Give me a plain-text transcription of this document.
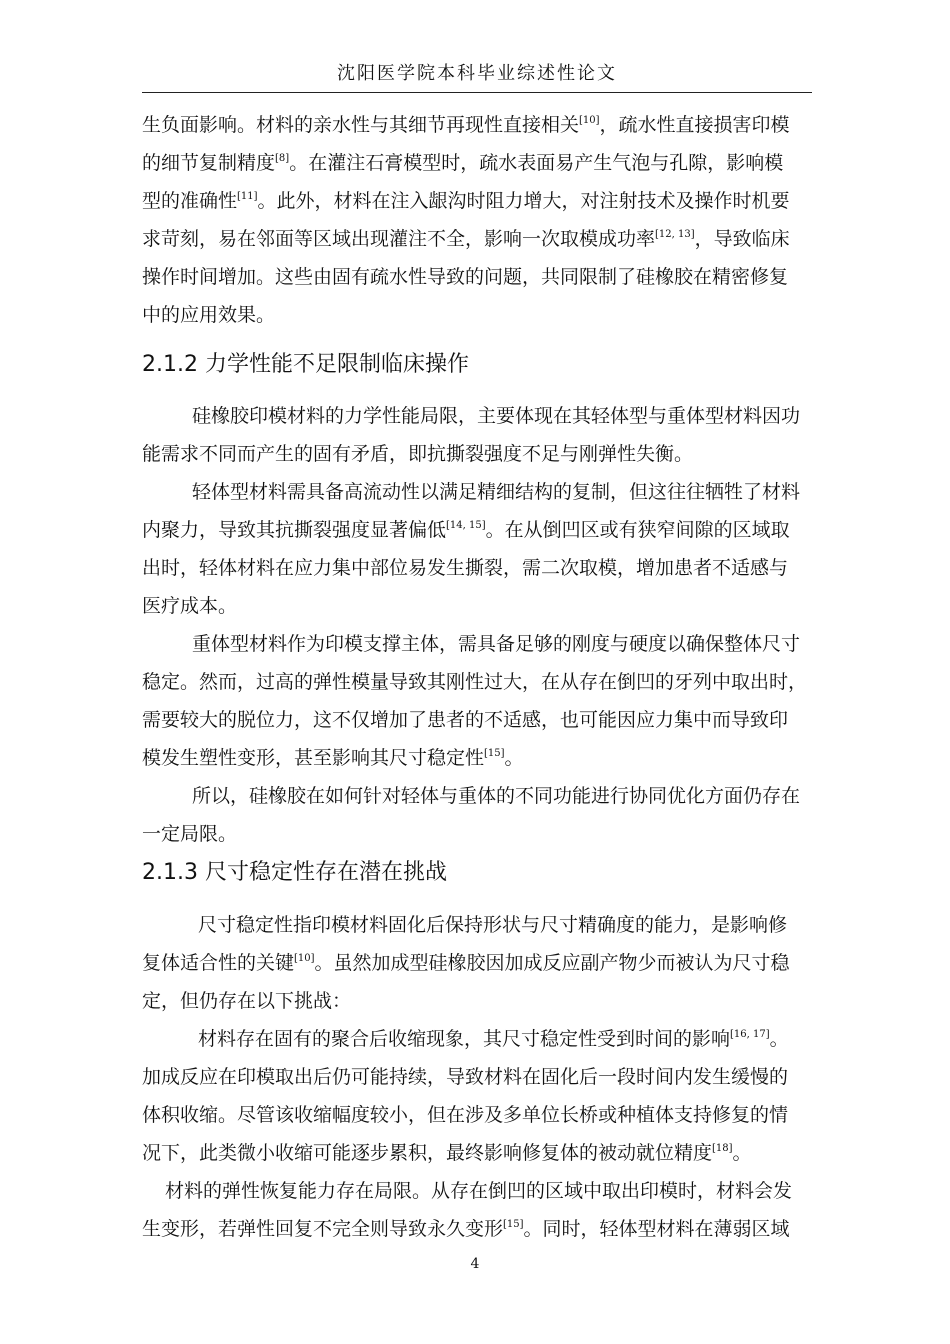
沈阳医学院本科毕业综述性论文
生负面影响。材料的亲水性与其细节再现性直接相关[10]，疏水性直接损害印模
的细节复制精度[8]。在灌注石膏模型时，疏水表面易产生气泡与孔隙，影响模
型的准确性[11]。此外，材料在注入龈沟时阻力增大，对注射技术及操作时机要
求苛刻，易在邻面等区域出现灌注不全，影响一次取模成功率[12, 13]，导致临床
操作时间增加。这些由固有疏水性导致的问题，共同限制了硅橡胶在精密修复
中的应用效果。
2.1.2 力学性能不足限制临床操作
硅橡胶印模材料的力学性能局限，主要体现在其轻体型与重体型材料因功
能需求不同而产生的固有矛盾，即抗撕裂强度不足与刚弹性失衡。
轻体型材料需具备高流动性以满足精细结构的复制，但这往往牺牲了材料
内聚力，导致其抗撕裂强度显著偏低[14, 15]。在从倒凹区或有狭窄间隙的区域取
出时，轻体材料在应力集中部位易发生撕裂，需二次取模，增加患者不适感与
医疗成本。
重体型材料作为印模支撑主体，需具备足够的刚度与硬度以确保整体尺寸
稳定。然而，过高的弹性模量导致其刚性过大，在从存在倒凹的牙列中取出时，
需要较大的脱位力，这不仅增加了患者的不适感，也可能因应力集中而导致印
模发生塑性变形，甚至影响其尺寸稳定性[15]。
所以，硅橡胶在如何针对轻体与重体的不同功能进行协同优化方面仍存在
一定局限。
2.1.3 尺寸稳定性存在潜在挑战
尺寸稳定性指印模材料固化后保持形状与尺寸精确度的能力，是影响修
复体适合性的关键[10]。虽然加成型硅橡胶因加成反应副产物少而被认为尺寸稳
定，但仍存在以下挑战：
材料存在固有的聚合后收缩现象，其尺寸稳定性受到时间的影响[16, 17]。
加成反应在印模取出后仍可能持续，导致材料在固化后一段时间内发生缓慢的
体积收缩。尽管该收缩幅度较小，但在涉及多单位长桥或种植体支持修复的情
况下，此类微小收缩可能逐步累积，最终影响修复体的被动就位精度[18]。
材料的弹性恢复能力存在局限。从存在倒凹的区域中取出印模时，材料会发
生变形，若弹性回复不完全则导致永久变形[15]。同时，轻体型材料在薄弱区域
4
